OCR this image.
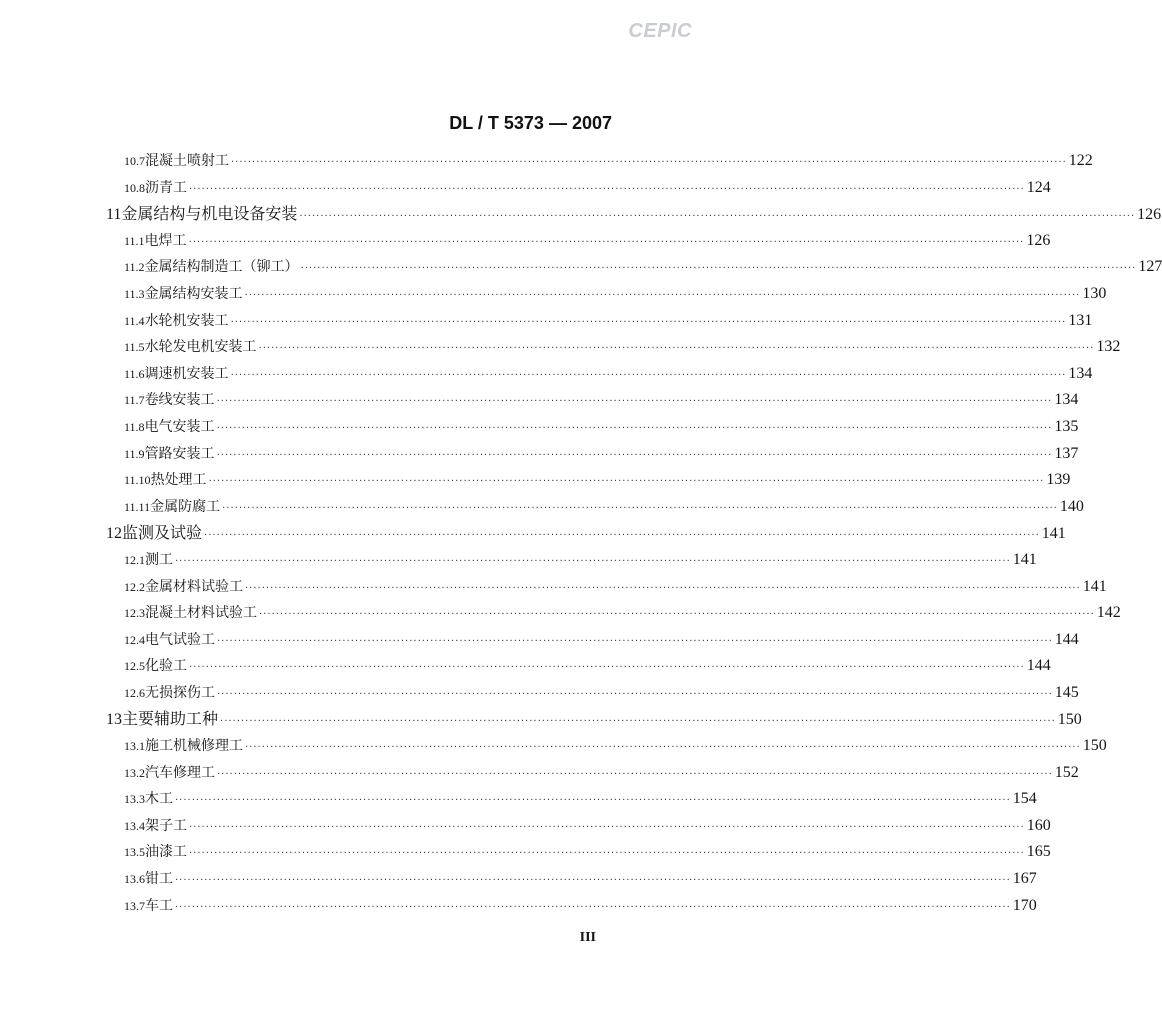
CEPIC
DL / T 5373 — 2007
10.7 混凝土喷射工 ········································································································································································································ 122
10.8 沥青工 ········································································································································································································ 124
11 金属结构与机电设备安装 ········································································································································································································ 126
11.1 电焊工 ········································································································································································································ 126
11.2 金属结构制造工（铆工） ········································································································································································································ 127
11.3 金属结构安装工 ········································································································································································································ 130
11.4 水轮机安装工 ········································································································································································································ 131
11.5 水轮发电机安装工 ········································································································································································································ 132
11.6 调速机安装工 ········································································································································································································ 134
11.7 卷线安装工 ········································································································································································································ 134
11.8 电气安装工 ········································································································································································································ 135
11.9 管路安装工 ········································································································································································································ 137
11.10 热处理工 ········································································································································································································ 139
11.11 金属防腐工 ········································································································································································································ 140
12 监测及试验 ········································································································································································································ 141
12.1 测工 ········································································································································································································ 141
12.2 金属材料试验工 ········································································································································································································ 141
12.3 混凝土材料试验工 ········································································································································································································ 142
12.4 电气试验工 ········································································································································································································ 144
12.5 化验工 ········································································································································································································ 144
12.6 无损探伤工 ········································································································································································································ 145
13 主要辅助工种 ········································································································································································································ 150
13.1 施工机械修理工 ········································································································································································································ 150
13.2 汽车修理工 ········································································································································································································ 152
13.3 木工 ········································································································································································································ 154
13.4 架子工 ········································································································································································································ 160
13.5 油漆工 ········································································································································································································ 165
13.6 钳工 ········································································································································································································ 167
13.7 车工 ········································································································································································································ 170
III
